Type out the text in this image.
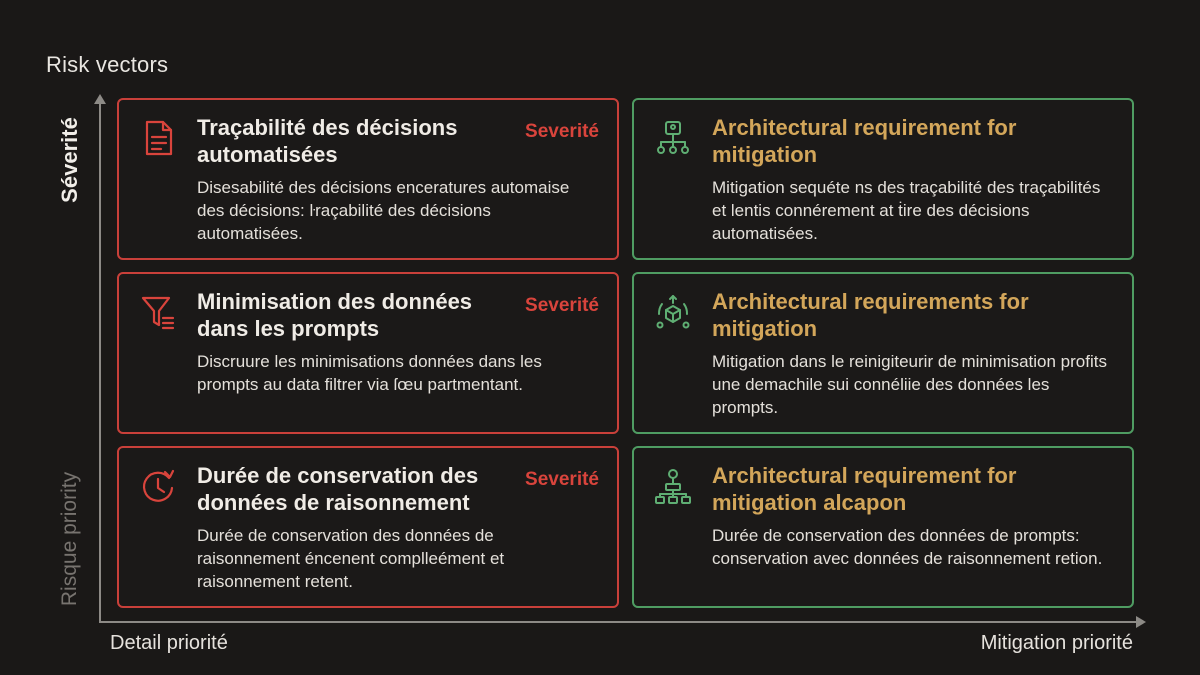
Risk vectors
Séverité
Risque priority
Detail priorité	Mitigation priorité
Traçabilité des décisions automatisées
Severité
Disesabilité des décisions enceratures automaise des décisions: ŀraçabilité des décisions automatisées.
Architectural requirement for mitigation
Mitigation sequéte ns des traçabilité des traçabilités et lentis connérement at ṫire des décisions automatisées.
Minimisation des données dans les prompts
Severité
Discruure les minimisations données dans les prompts au data filtrer via ſœu partmentant.
Architectural requirements for mitigation
Mitigation dans le reinigiteurir de minimisation profits une demachile sui connéliie des données les prompts.
Durée de conservation des données de raisonnement
Severité
Durée de conservation des données de raisonnement éncenent complleément et raisonnement retent.
Architectural requirement for mitigation alcapon
Durée de conservation des données de prompts: conservation avec données de raisonnement retion.
